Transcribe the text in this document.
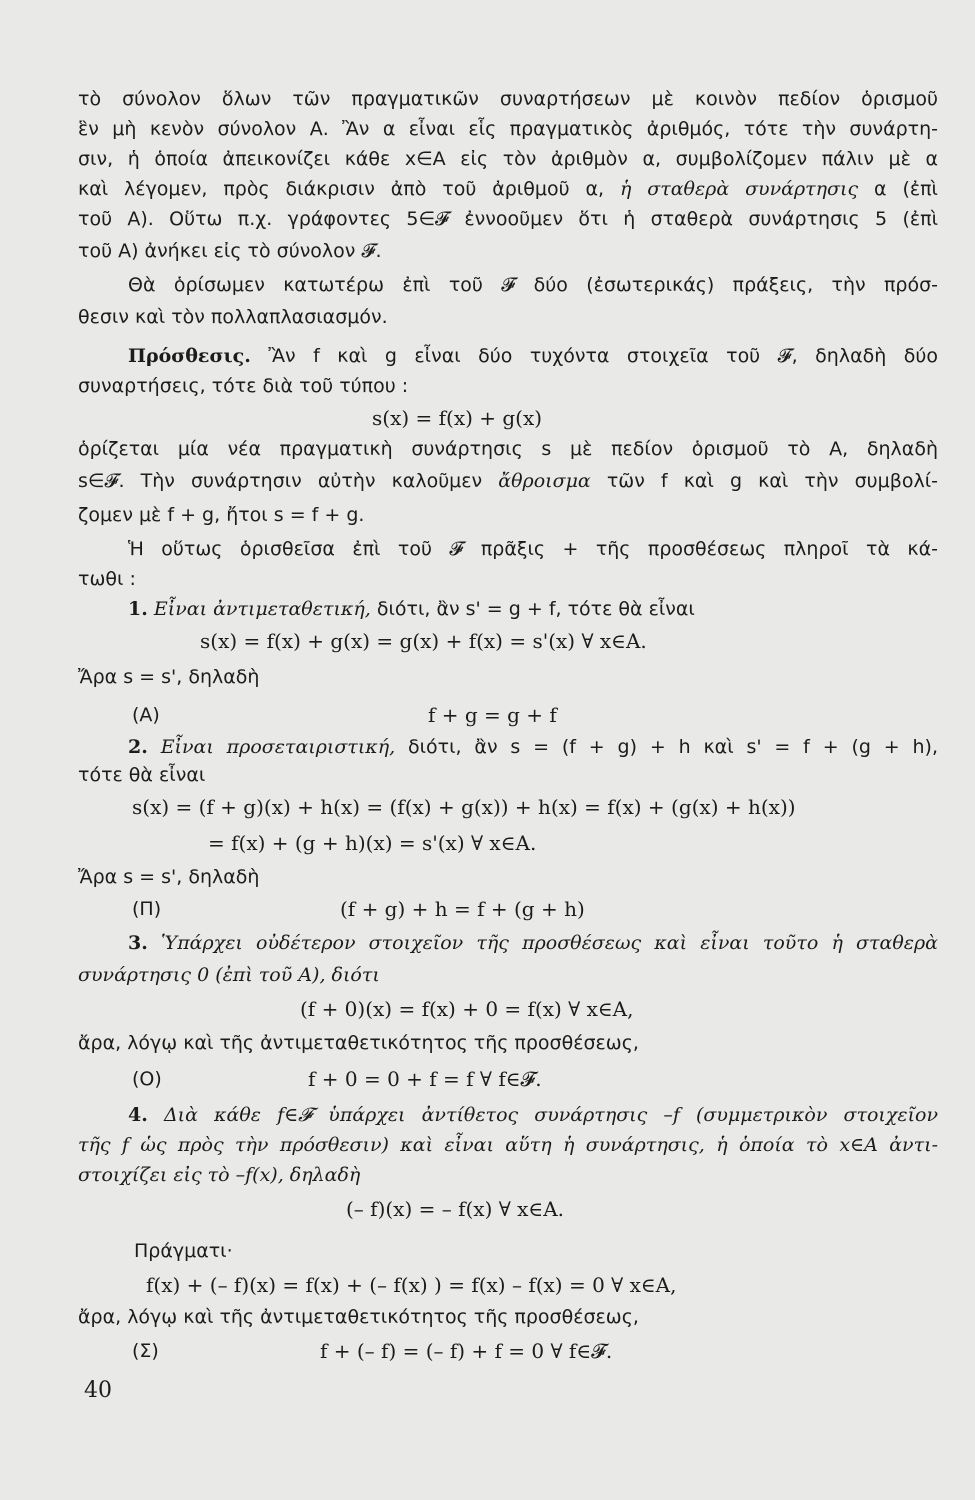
τὸ σύνολον ὅλων τῶν πραγματικῶν συναρτήσεων μὲ κοινὸν πεδίον ὁρισμοῦ
ἓν μὴ κενὸν σύνολον Α. Ἂν α εἶναι εἷς πραγματικὸς ἀριθμός, τότε τὴν συνάρτη-
σιν, ἡ ὁποία ἀπεικονίζει κάθε x∈A εἰς τὸν ἀριθμὸν α, συμβολίζομεν πάλιν μὲ α
καὶ λέγομεν, πρὸς διάκρισιν ἀπὸ τοῦ ἀριθμοῦ α, ἡ σταθερὰ συνάρτησις α (ἐπὶ
τοῦ Α). Οὕτω π.χ. γράφοντες 5∈𝓕 ἐννοοῦμεν ὅτι ἡ σταθερὰ συνάρτησις 5 (ἐπὶ
τοῦ Α) ἀνήκει εἰς τὸ σύνολον 𝓕.
Θὰ ὁρίσωμεν κατωτέρω ἐπὶ τοῦ 𝓕 δύο (ἐσωτερικάς) πράξεις, τὴν πρόσ-
θεσιν καὶ τὸν πολλαπλασιασμόν.
Πρόσθεσις. Ἂν f καὶ g εἶναι δύο τυχόντα στοιχεῖα τοῦ 𝓕, δηλαδὴ δύο
συναρτήσεις, τότε διὰ τοῦ τύπου :
s(x) = f(x) + g(x)
ὁρίζεται μία νέα πραγματικὴ συνάρτησις s μὲ πεδίον ὁρισμοῦ τὸ Α, δηλαδὴ
s∈𝓕. Τὴν συνάρτησιν αὐτὴν καλοῦμεν ἄθροισμα τῶν f καὶ g καὶ τὴν συμβολί-
ζομεν μὲ f + g, ἤτοι s = f + g.
Ἡ οὕτως ὁρισθεῖσα ἐπὶ τοῦ 𝓕 πρᾶξις + τῆς προσθέσεως πληροῖ τὰ κά-
τωθι :
1. Εἶναι ἀντιμεταθετική, διότι, ἂν s' = g + f, τότε θὰ εἶναι
s(x) = f(x) + g(x) = g(x) + f(x) = s'(x) ∀ x∈A.
Ἄρα s = s', δηλαδὴ
(Α)	f + g = g + f
2. Εἶναι προσεταιριστική, διότι, ἂν s = (f + g) + h καὶ s' = f + (g + h),
τότε θὰ εἶναι
s(x) = (f + g)(x) + h(x) = (f(x) + g(x)) + h(x) = f(x) + (g(x) + h(x))
= f(x) + (g + h)(x) = s'(x) ∀ x∈A.
Ἄρα s = s', δηλαδὴ
(Π)	(f + g) + h = f + (g + h)
3. Ὑπάρχει οὐδέτερον στοιχεῖον τῆς προσθέσεως καὶ εἶναι τοῦτο ἡ σταθερὰ
συνάρτησις 0 (ἐπὶ τοῦ Α), διότι
(f + 0)(x) = f(x) + 0 = f(x) ∀ x∈A,
ἄρα, λόγῳ καὶ τῆς ἀντιμεταθετικότητος τῆς προσθέσεως,
(Ο)	f + 0 = 0 + f = f ∀ f∈𝓕.
4. Διὰ κάθε f∈𝓕 ὑπάρχει ἀντίθετος συνάρτησις –f (συμμετρικὸν στοιχεῖον
τῆς f ὡς πρὸς τὴν πρόσθεσιν) καὶ εἶναι αὕτη ἡ συνάρτησις, ἡ ὁποία τὸ x∈A ἀντι-
στοιχίζει εἰς τὸ –f(x), δηλαδὴ
(– f)(x) = – f(x) ∀ x∈A.
Πράγματι·
f(x) + (– f)(x) = f(x) + (– f(x) ) = f(x) – f(x) = 0 ∀ x∈A,
ἄρα, λόγῳ καὶ τῆς ἀντιμεταθετικότητος τῆς προσθέσεως,
(Σ)	f + (– f) = (– f) + f = 0 ∀ f∈𝓕.
40
